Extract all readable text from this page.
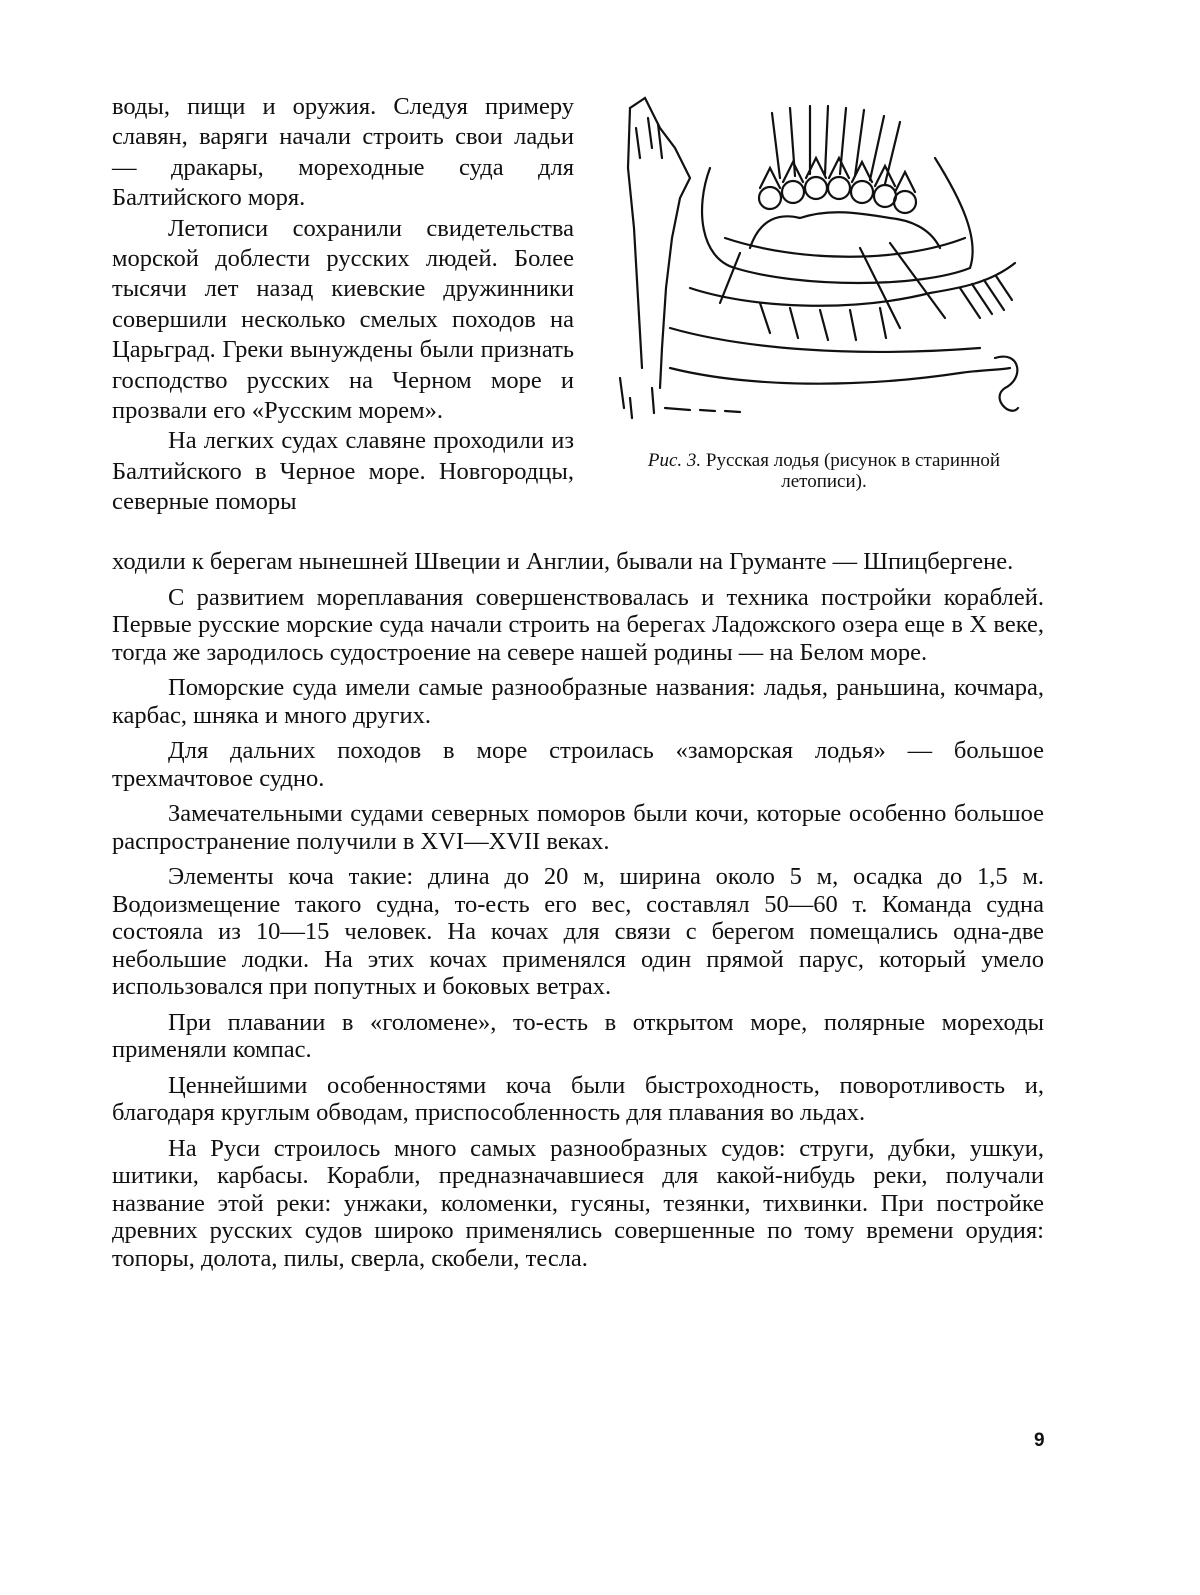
воды, пищи и оружия. Следуя примеру славян, варяги начали строить свои ладьи — дракары, мореходные суда для Балтийского моря.

Летописи сохранили свидетельства морской доблести русских людей. Более тысячи лет назад киевские дружинники совершили несколько смелых походов на Царьград. Греки вынуждены были признать господство русских на Черном море и прозвали его «Русским морем».

На легких судах славяне проходили из Балтийского в Черное море. Новгородцы, северные поморы

Рис. 3. Русская лодья (рисунок в старинной летописи).

ходили к берегам нынешней Швеции и Англии, бывали на Груманте — Шпицбергене.

С развитием мореплавания совершенствовалась и техника постройки кораблей. Первые русские морские суда начали строить на берегах Ладожского озера еще в X веке, тогда же зародилось судостроение на севере нашей родины — на Белом море.

Поморские суда имели самые разнообразные названия: ладья, раньшина, кочмара, карбас, шняка и много других.

Для дальних походов в море строилась «заморская лодья» — большое трехмачтовое судно.

Замечательными судами северных поморов были кочи, которые особенно большое распространение получили в XVI—XVII веках.

Элементы коча такие: длина до 20 м, ширина около 5 м, осадка до 1,5 м. Водоизмещение такого судна, то-есть его вес, составлял 50—60 т. Команда судна состояла из 10—15 человек. На кочах для связи с берегом помещались одна-две небольшие лодки. На этих кочах применялся один прямой парус, который умело использовался при попутных и боковых ветрах.

При плавании в «голомене», то-есть в открытом море, полярные мореходы применяли компас.

Ценнейшими особенностями коча были быстроходность, поворотливость и, благодаря круглым обводам, приспособленность для плавания во льдах.

На Руси строилось много самых разнообразных судов: струги, дубки, ушкуи, шитики, карбасы. Корабли, предназначавшиеся для какой-нибудь реки, получали название этой реки: унжаки, коломенки, гусяны, тезянки, тихвинки. При постройке древних русских судов широко применялись совершенные по тому времени орудия: топоры, долота, пилы, сверла, скобели, тесла.

9
